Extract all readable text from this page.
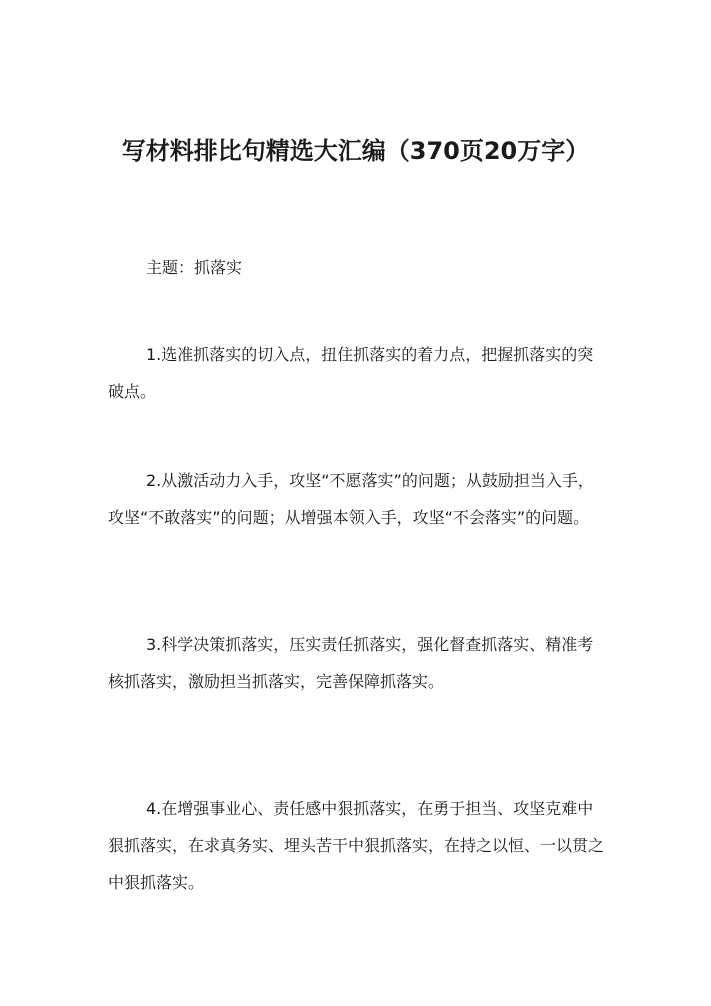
写材料排比句精选大汇编（370页20万字）
主题：抓落实

1.选准抓落实的切入点，扭住抓落实的着力点，把握抓落实的突破点。

2.从激活动力入手，攻坚“不愿落实”的问题；从鼓励担当入手，攻坚“不敢落实”的问题；从增强本领入手，攻坚“不会落实”的问题。

3.科学决策抓落实，压实责任抓落实，强化督查抓落实、精准考核抓落实，激励担当抓落实，完善保障抓落实。

4.在增强事业心、责任感中狠抓落实，在勇于担当、攻坚克难中狠抓落实，在求真务实、埋头苦干中狠抓落实，在持之以恒、一以贯之中狠抓落实。
